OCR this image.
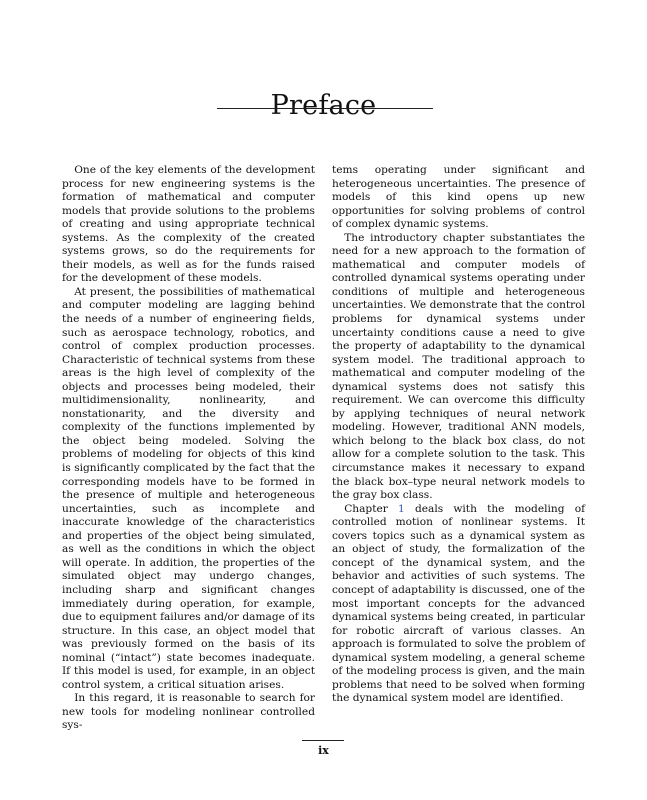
Preface

One of the key elements of the development process for new engineering systems is the formation of mathematical and computer models that provide solutions to the problems of creating and using appropriate technical systems. As the complexity of the created systems grows, so do the requirements for their models, as well as for the funds raised for the development of these models.

At present, the possibilities of mathematical and computer modeling are lagging behind the needs of a number of engineering fields, such as aerospace technology, robotics, and control of complex production processes. Characteristic of technical systems from these areas is the high level of complexity of the objects and processes being modeled, their multidimensionality, nonlinearity, and nonstationarity, and the diversity and complexity of the functions implemented by the object being modeled. Solving the problems of modeling for objects of this kind is significantly complicated by the fact that the corresponding models have to be formed in the presence of multiple and heterogeneous uncertainties, such as incomplete and inaccurate knowledge of the characteristics and properties of the object being simulated, as well as the conditions in which the object will operate. In addition, the properties of the simulated object may undergo changes, including sharp and significant changes immediately during operation, for example, due to equipment failures and/or damage of its structure. In this case, an object model that was previously formed on the basis of its nominal (“intact”) state becomes inadequate. If this model is used, for example, in an object control system, a critical situation arises.

In this regard, it is reasonable to search for new tools for modeling nonlinear controlled sys-

tems operating under significant and heterogeneous uncertainties. The presence of models of this kind opens up new opportunities for solving problems of control of complex dynamic systems.

The introductory chapter substantiates the need for a new approach to the formation of mathematical and computer models of controlled dynamical systems operating under conditions of multiple and heterogeneous uncertainties. We demonstrate that the control problems for dynamical systems under uncertainty conditions cause a need to give the property of adaptability to the dynamical system model. The traditional approach to mathematical and computer modeling of the dynamical systems does not satisfy this requirement. We can overcome this difficulty by applying techniques of neural network modeling. However, traditional ANN models, which belong to the black box class, do not allow for a complete solution to the task. This circumstance makes it necessary to expand the black box–type neural network models to the gray box class.

Chapter 1 deals with the modeling of controlled motion of nonlinear systems. It covers topics such as a dynamical system as an object of study, the formalization of the concept of the dynamical system, and the behavior and activities of such systems. The concept of adaptability is discussed, one of the most important concepts for the advanced dynamical systems being created, in particular for robotic aircraft of various classes. An approach is formulated to solve the problem of dynamical system modeling, a general scheme of the modeling process is given, and the main problems that need to be solved when forming the dynamical system model are identified.

ix
